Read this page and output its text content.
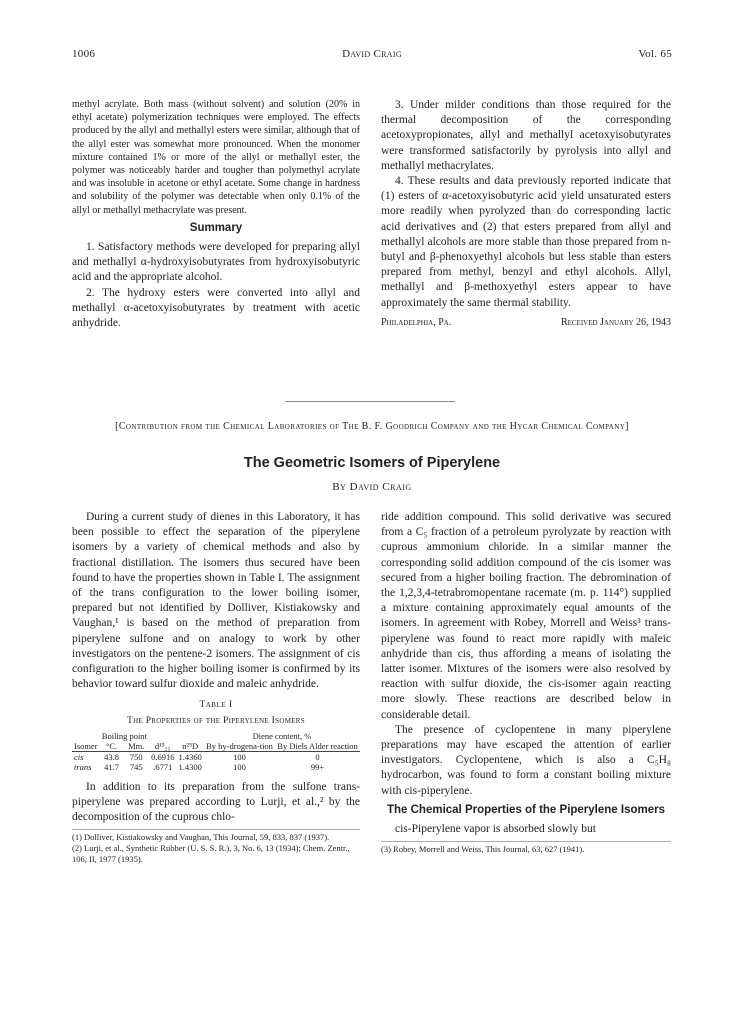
1006	David Craig	Vol. 65

methyl acrylate. Both mass (without solvent) and solution (20% in ethyl acetate) polymerization techniques were employed. The effects produced by the allyl and methallyl esters were similar, although that of the allyl ester was somewhat more pronounced. When the monomer mixture contained 1% or more of the allyl or methallyl ester, the polymer was noticeably harder and tougher than polymethyl acrylate and was insoluble in acetone or ethyl acetate. Some change in hardness and solubility of the polymer was detectable when only 0.1% of the allyl or methallyl methacrylate was present.

Summary

1. Satisfactory methods were developed for preparing allyl and methallyl α-hydroxyisobutyrates from hydroxyisobutyric acid and the appropriate alcohol.

2. The hydroxy esters were converted into allyl and methallyl α-acetoxyisobutyrates by treatment with acetic anhydride.

3. Under milder conditions than those required for the thermal decomposition of the corresponding acetoxypropionates, allyl and methallyl acetoxyisobutyrates were transformed satisfactorily by pyrolysis into allyl and methallyl methacrylates.

4. These results and data previously reported indicate that (1) esters of α-acetoxyisobutyric acid yield unsaturated esters more readily when pyrolyzed than do corresponding lactic acid derivatives and (2) that esters prepared from allyl and methallyl alcohols are more stable than those prepared from n-butyl and β-phenoxyethyl alcohols but less stable than esters prepared from methyl, benzyl and ethyl alcohols. Allyl, methallyl and β-methoxyethyl esters appear to have approximately the same thermal stability.

Philadelphia, Pa.	Received January 26, 1943
[Contribution from the Chemical Laboratories of The B. F. Goodrich Company and the Hycar Chemical Company]
The Geometric Isomers of Piperylene
By David Craig

During a current study of dienes in this Laboratory, it has been possible to effect the separation of the piperylene isomers by a variety of chemical methods and also by fractional distillation. The isomers thus secured have been found to have the properties shown in Table I. The assignment of the trans configuration to the lower boiling isomer, prepared but not identified by Dolliver, Kistiakowsky and Vaughan,¹ is based on the method of preparation from piperylene sulfone and on analogy to work by other investigators on the pentene-2 isomers. The assignment of cis configuration to the higher boiling isomer is confirmed by its behavior toward sulfur dioxide and maleic anhydride.

Table I
The Properties of the Piperylene Isomers
	Boiling point				Diene content, %	
Isomer	°C.	Mm.	d¹⁵₂₅	n²⁵D	By hy-drogena-tion	By Diels Alder reaction
cis	43.8	750	0.6916	1.4360	100	0
trans	41.7	745	.6771	1.4300	100	99+

In addition to its preparation from the sulfone trans-piperylene was prepared according to Lurji, et al.,² by the decomposition of the cuprous chlo-

(1) Dolliver, Kistiakowsky and Vaughan, This Journal, 59, 833, 837 (1937).

(2) Lurji, et al., Synthetic Rubber (U. S. S. R.), 3, No. 6, 13 (1934); Chem. Zentr., 106, II, 1977 (1935).

ride addition compound. This solid derivative was secured from a C₅ fraction of a petroleum pyrolyzate by reaction with cuprous ammonium chloride. In a similar manner the corresponding solid addition compound of the cis isomer was secured from a higher boiling fraction. The debromination of the 1,2,3,4-tetrabromopentane racemate (m. p. 114°) supplied a mixture containing approximately equal amounts of the isomers. In agreement with Robey, Morrell and Weiss³ trans-piperylene was found to react more rapidly with maleic anhydride than cis, thus affording a means of isolating the latter isomer. Mixtures of the isomers were also resolved by reaction with sulfur dioxide, the cis-isomer again reacting more slowly. These reactions are described below in considerable detail.

The presence of cyclopentene in many piperylene preparations may have escaped the attention of earlier investigators. Cyclopentene, which is also a C₅H₈ hydrocarbon, was found to form a constant boiling mixture with cis-piperylene.

The Chemical Properties of the Piperylene Isomers

cis-Piperylene vapor is absorbed slowly but

(3) Robey, Morrell and Weiss, This Journal, 63, 627 (1941).
